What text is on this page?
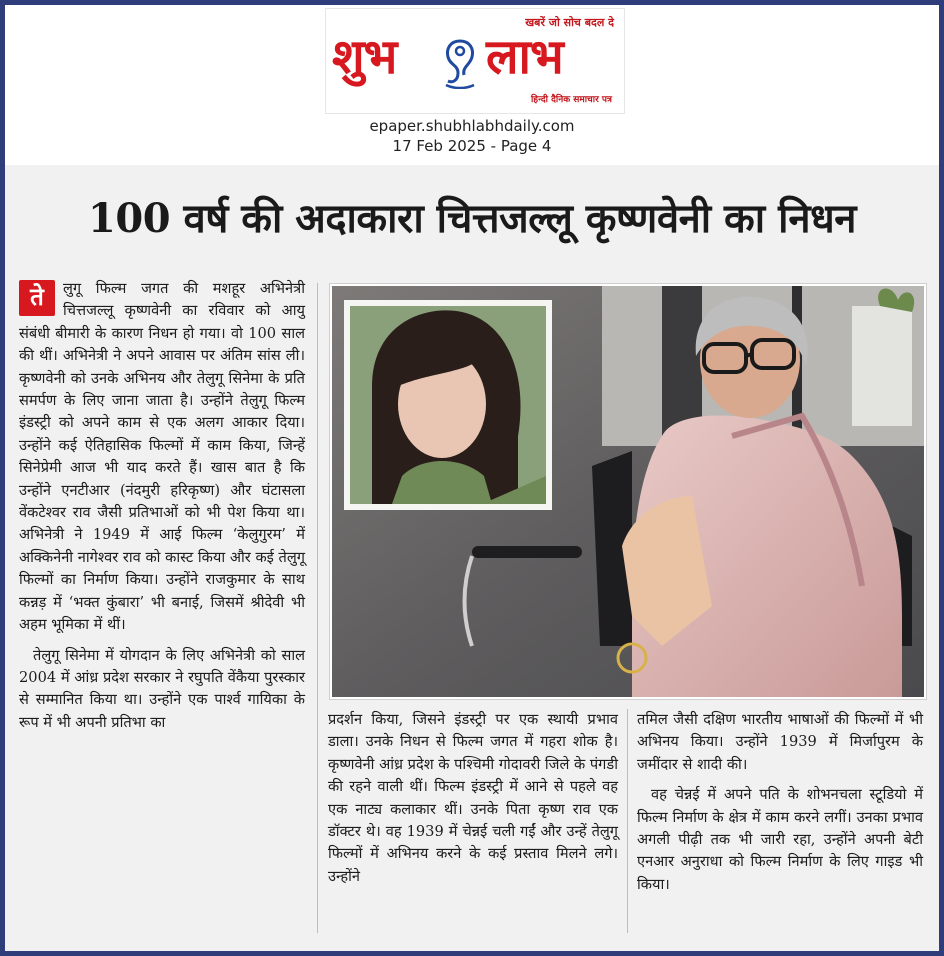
खबरें जो सोच बदल दे
शुभ लाभ
हिन्दी दैनिक समाचार पत्र
epaper.shubhlabhdaily.com
17 Feb 2025 - Page 4
100 वर्ष की अदाकारा चित्तजल्लू कृष्णवेनी का निधन
ते	लुगू फिल्म जगत की मशहूर अभिनेत्री चित्तजल्लू कृष्णवेनी का रविवार को आयु संबंधी बीमारी के कारण निधन हो गया। वो 100 साल की थीं। अभिनेत्री ने अपने आवास पर अंतिम सांस ली। कृष्णवेनी को उनके अभिनय और तेलुगू सिनेमा के प्रति समर्पण के लिए जाना जाता है। उन्होंने तेलुगू फिल्म इंडस्ट्री को अपने काम से एक अलग आकार दिया। उन्होंने कई ऐतिहासिक फिल्मों में काम किया, जिन्हें सिनेप्रेमी आज भी याद करते हैं। खास बात है कि उन्होंने एनटीआर (नंदमुरी हरिकृष्ण) और घंटासला वेंकटेश्वर राव जैसी प्रतिभाओं को भी पेश किया था। अभिनेत्री ने 1949 में आई फिल्म ‘केलुगुरम’ में अक्किनेनी नागेश्वर राव को कास्ट किया और कई तेलुगू फिल्मों का निर्माण किया। उन्होंने राजकुमार के साथ कन्नड़ में ‘भक्त कुंबारा’ भी बनाई, जिसमें श्रीदेवी भी अहम भूमिका में थीं।
तेलुगू सिनेमा में योगदान के लिए अभिनेत्री को साल 2004 में आंध्र प्रदेश सरकार ने रघुपति वेंकैया पुरस्कार से सम्मानित किया था। उन्होंने एक पार्श्व गायिका के रूप में भी अपनी प्रतिभा का	प्रदर्शन किया, जिसने इंडस्ट्री पर एक स्थायी प्रभाव डाला। उनके निधन से फिल्म जगत में गहरा शोक है। कृष्णवेनी आंध्र प्रदेश के पश्चिमी गोदावरी जिले के पंगडी की रहने वाली थीं। फिल्म इंडस्ट्री में आने से पहले वह एक नाट्य कलाकार थीं। उनके पिता कृष्ण राव एक डॉक्टर थे। वह 1939 में चेन्नई चली गईं और उन्हें तेलुगू फिल्मों में अभिनय करने के कई प्रस्ताव मिलने लगे। उन्होंने
तमिल जैसी दक्षिण भारतीय भाषाओं की फिल्मों में भी अभिनय किया। उन्होंने 1939 में मिर्जापुरम के जमींदार से शादी की।
वह चेन्नई में अपने पति के शोभनचला स्टूडियो में फिल्म निर्माण के क्षेत्र में काम करने लगीं। उनका प्रभाव अगली पीढ़ी तक भी जारी रहा, उन्होंने अपनी बेटी एनआर अनुराधा को फिल्म निर्माण के लिए गाइड भी किया।
